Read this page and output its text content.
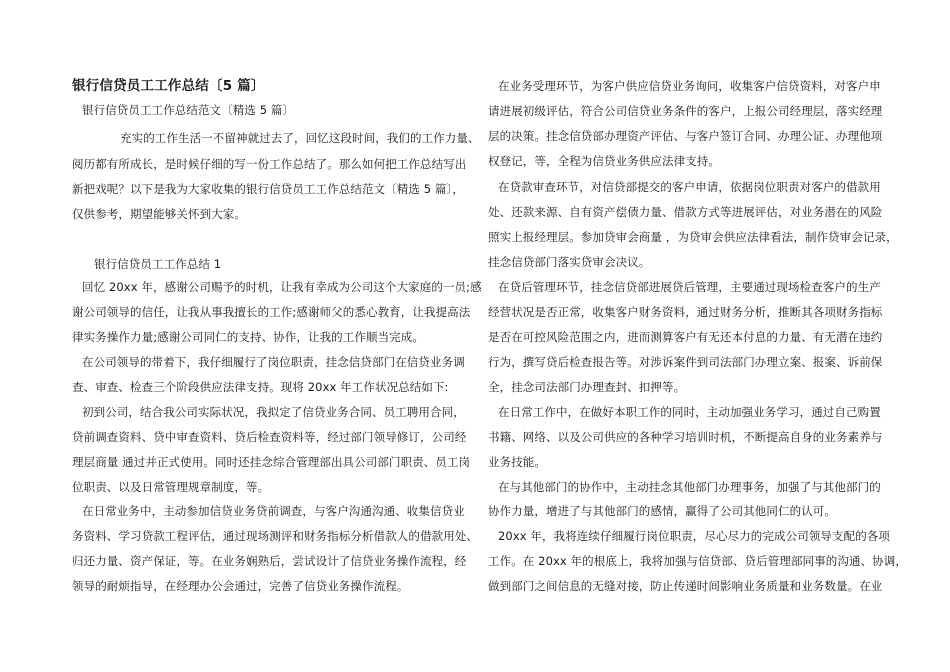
银行信贷员工工作总结〔5 篇〕
银行信贷员工工作总结范文〔精选 5 篇〕
充实的工作生活一不留神就过去了，回忆这段时间，我们的工作力量、
阅历都有所成长，是时候仔细的写一份工作总结了。那么如何把工作总结写出
新把戏呢？以下是我为大家收集的银行信贷员工工作总结范文〔精选 5 篇〕，
仅供参考，期望能够关怀到大家。
银行信贷员工工作总结 1
回忆 20xx 年，感谢公司赐予的时机，让我有幸成为公司这个大家庭的一员;感
谢公司领导的信任，让我从事我擅长的工作;感谢师父的悉心教育，让我提高法
律实务操作力量;感谢公司同仁的支持、协作，让我的工作顺当完成。
在公司领导的带着下，我仔细履行了岗位职责，挂念信贷部门在信贷业务调
查、审查、检查三个阶段供应法律支持。现将 20xx 年工作状况总结如下:
初到公司，结合我公司实际状况，我拟定了信贷业务合同、员工聘用合同，
贷前调查资料、贷中审查资料、贷后检查资料等，经过部门领导修订，公司经
理层商量 通过并正式使用。同时还挂念综合管理部出具公司部门职责、员工岗
位职责、以及日常管理规章制度，等。
在日常业务中，主动参加信贷业务贷前调查，与客户沟通沟通、收集信贷业
务资料、学习贷款工程评估，通过现场测评和财务指标分析借款人的借款用处、
归还力量、资产保证，等。在业务娴熟后，尝试设计了信贷业务操作流程，经
领导的耐烦指导，在经理办公会通过，完善了信贷业务操作流程。
在业务受理环节，为客户供应信贷业务询问，收集客户信贷资料，对客户申
请进展初级评估，符合公司信贷业务条件的客户，上报公司经理层，落实经理
层的决策。挂念信贷部办理资产评估、与客户签订合同、办理公证、办理他项
权登记，等，全程为信贷业务供应法律支持。
在贷款审查环节，对信贷部提交的客户申请，依据岗位职责对客户的借款用
处、还款来源、自有资产偿债力量、借款方式等进展评估，对业务潜在的风险
照实上报经理层。参加贷审会商量 ，为贷审会供应法律看法，制作贷审会记录，
挂念信贷部门落实贷审会决议。
在贷后管理环节，挂念信贷部进展贷后管理，主要通过现场检查客户的生产
经营状况是否正常，收集客户财务资料，通过财务分析，推断其各项财务指标
是否在可控风险范围之内，进而测算客户有无还本付息的力量、有无潜在违约
行为，撰写贷后检查报告等。对涉诉案件到司法部门办理立案、报案、诉前保
全，挂念司法部门办理查封、扣押等。
在日常工作中，在做好本职工作的同时，主动加强业务学习，通过自己购置
书籍、网络、以及公司供应的各种学习培训时机，不断提高自身的业务素养与
业务技能。
在与其他部门的协作中，主动挂念其他部门办理事务，加强了与其他部门的
协作力量，增进了与其他部门的感情，赢得了公司其他同仁的认可。
20xx 年，我将连续仔细履行岗位职责，尽心尽力的完成公司领导支配的各项
工作。在 20xx 年的根底上，我将加强与信贷部、贷后管理部同事的沟通、协调，
做到部门之间信息的无缝对接，防止传递时间影响业务质量和业务数量。在业
